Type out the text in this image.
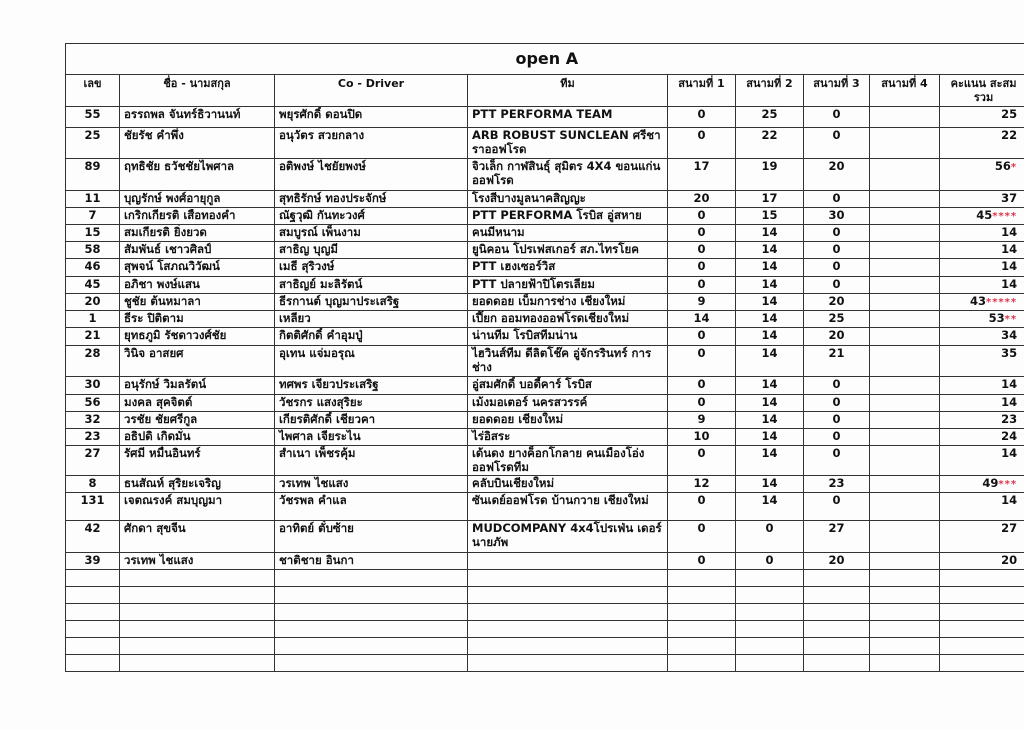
open A								
เลข	ชื่อ - นามสกุล	Co - Driver	ทีม	สนามที่ 1	สนามที่ 2	สนามที่ 3	สนามที่ 4	คะแนน สะสมรวม
55	อรรถพล จันทร์ธิวานนท์	พยุรศักดิ์ ดอนปิด	PTT PERFORMA TEAM	0	25	0		25
25	ชัยรัช คำพึ่ง	อนุวัตร สวยกลาง	ARB ROBUST SUNCLEAN ศรีชาราออฟโรด	0	22	0		22
89	ฤทธิชัย ธวัชชัยไพศาล	อติพงษ์ ไชยัยพงษ์	จิวเล็ก กาฬสินธุ์ สุมิตร 4X4 ขอนแก่นออฟโรด	17	19	20		56*
11	บุญรักษ์ พงศ์อายุกูล	สุทธิรักษ์ ทองประจักษ์	โรงสีบางมูลนาคสิญญะ	20	17	0		37
7	เกริกเกียรติ เสือทองคำ	ณัฐวุฒิ กันทะวงศ์	PTT PERFORMA โรบิส อู่สหาย	0	15	30		45****
15	สมเกียรติ ยิ่งยวด	สมบูรณ์ เพ็นงาม	คนมีหนาม	0	14	0		14
58	สัมพันธ์ เชาวศิลป์	สาธิญ บุญมี	ยูนิคอน โปรเฟสเกอร์ สภ.ไทรโยค	0	14	0		14
46	สุพจน์ โสภณวิวัฒน์	เมธี สุริวงษ์	PTT เฮงเซอร์วิส	0	14	0		14
45	อภิชา พงษ์แสน	สาธิญย์ มะลิรัตน์	PTT ปลายฟ้าปิโตรเลียม	0	14	0		14
20	ชูชัย ต้นหมาลา	ธีรกานต์ บุญมาประเสริฐ	ยอดดอย เบ็มการช่าง เชียงใหม่	9	14	20		43*****
1	ธีระ ปิติตาม	เหลียว	เปี๊ยก ออมทองออฟโรดเชียงใหม่	14	14	25		53**
21	ยุทธภูมิ รัชดาวงศ์ชัย	กิตติศักดิ์ คำอุมปู่	น่านทีม โรบิสทีมน่าน	0	14	20		34
28	วินิจ อาสยศ	อุเทน แจ่มอรุณ	ไฮวินส์ทีม ดีลิตโช๊ค อู่จักรรินทร์ การช่าง	0	14	21		35
30	อนุรักษ์ วิมลรัตน์	ทศพร เจียวประเสริฐ	อู่สมศักดิ์ บอดี้คาร์ โรบิส	0	14	0		14
56	มงคล สุคจิตต์	วัชรกร แสงสุริยะ	เม้งมอเตอร์ นครสวรรค์	0	14	0		14
32	วรชัย ชัยศรีกูล	เกียรติศักดิ์ เชียวคา	ยอดดอย เชียงใหม่	9	14	0		23
23	อธิปดิ เกิดมั่น	ไพศาล เจียระไน	ไร่อิสระ	10	14	0		24
27	รัศมี หมื่นอินทร์	สำเนา เพ็ชรคุ้ม	เด้นดง ยางค็อกโกลาย คนเมืองโอ่ง ออฟโรดทีม	0	14	0		14
8	ธนสัณห์ สุริยะเจริญ	วรเทพ ไชแสง	คลับบินเชียงใหม่	12	14	23		49***
131	เจตณรงค์ สมบุญมา	วัชรพล คำแล	ซันเดย์ออฟโรด บ้านกวาย เชียงใหม่	0	14	0		14
42	ศักดา สุขจีน	อาทิตย์ ตั๋บซ้าย	MUDCOMPANY 4x4โปรเฟ่น เดอร์ นายภัพ	0	0	27		27
39	วรเทพ ไชแสง	ชาติชาย อินกา		0	0	20		20
